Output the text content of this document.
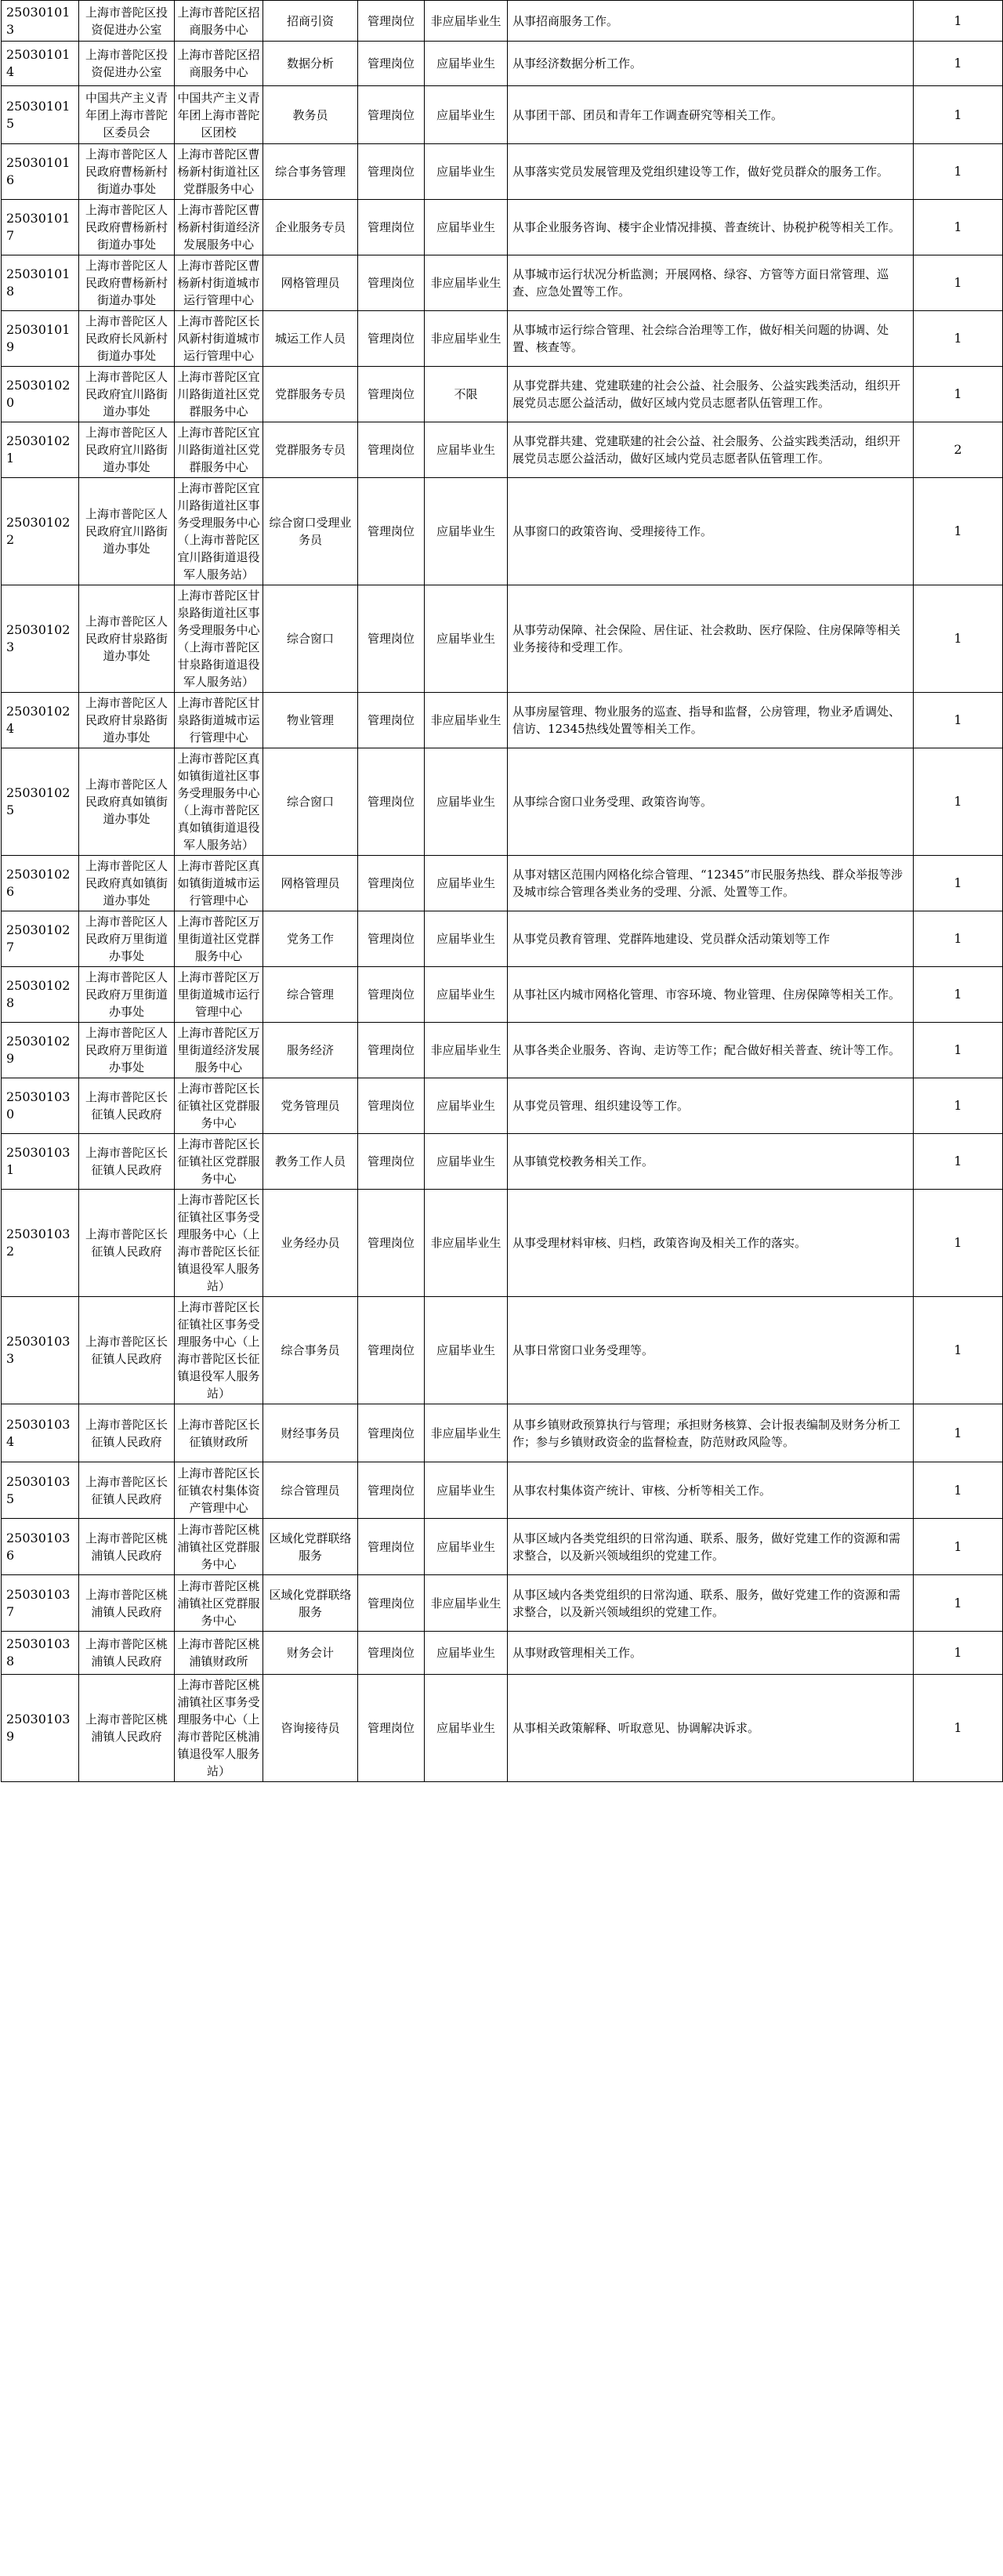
250301013	上海市普陀区投资促进办公室	上海市普陀区招商服务中心	招商引资	管理岗位	非应届毕业生	从事招商服务工作。	1
250301014	上海市普陀区投资促进办公室	上海市普陀区招商服务中心	数据分析	管理岗位	应届毕业生	从事经济数据分析工作。	1
250301015	中国共产主义青年团上海市普陀区委员会	中国共产主义青年团上海市普陀区团校	教务员	管理岗位	应届毕业生	从事团干部、团员和青年工作调查研究等相关工作。	1
250301016	上海市普陀区人民政府曹杨新村街道办事处	上海市普陀区曹杨新村街道社区党群服务中心	综合事务管理	管理岗位	应届毕业生	从事落实党员发展管理及党组织建设等工作，做好党员群众的服务工作。	1
250301017	上海市普陀区人民政府曹杨新村街道办事处	上海市普陀区曹杨新村街道经济发展服务中心	企业服务专员	管理岗位	应届毕业生	从事企业服务咨询、楼宇企业情况排摸、普查统计、协税护税等相关工作。	1
250301018	上海市普陀区人民政府曹杨新村街道办事处	上海市普陀区曹杨新村街道城市运行管理中心	网格管理员	管理岗位	非应届毕业生	从事城市运行状况分析监测；开展网格、绿容、方管等方面日常管理、巡查、应急处置等工作。	1
250301019	上海市普陀区人民政府长风新村街道办事处	上海市普陀区长风新村街道城市运行管理中心	城运工作人员	管理岗位	非应届毕业生	从事城市运行综合管理、社会综合治理等工作，做好相关问题的协调、处置、核查等。	1
250301020	上海市普陀区人民政府宜川路街道办事处	上海市普陀区宜川路街道社区党群服务中心	党群服务专员	管理岗位	不限	从事党群共建、党建联建的社会公益、社会服务、公益实践类活动，组织开展党员志愿公益活动，做好区域内党员志愿者队伍管理工作。	1
250301021	上海市普陀区人民政府宜川路街道办事处	上海市普陀区宜川路街道社区党群服务中心	党群服务专员	管理岗位	应届毕业生	从事党群共建、党建联建的社会公益、社会服务、公益实践类活动，组织开展党员志愿公益活动，做好区域内党员志愿者队伍管理工作。	2
250301022	上海市普陀区人民政府宜川路街道办事处	上海市普陀区宜川路街道社区事务受理服务中心（上海市普陀区宜川路街道退役军人服务站）	综合窗口受理业务员	管理岗位	应届毕业生	从事窗口的政策咨询、受理接待工作。	1
250301023	上海市普陀区人民政府甘泉路街道办事处	上海市普陀区甘泉路街道社区事务受理服务中心（上海市普陀区甘泉路街道退役军人服务站）	综合窗口	管理岗位	应届毕业生	从事劳动保障、社会保险、居住证、社会救助、医疗保险、住房保障等相关业务接待和受理工作。	1
250301024	上海市普陀区人民政府甘泉路街道办事处	上海市普陀区甘泉路街道城市运行管理中心	物业管理	管理岗位	非应届毕业生	从事房屋管理、物业服务的巡查、指导和监督，公房管理，物业矛盾调处、信访、12345热线处置等相关工作。	1
250301025	上海市普陀区人民政府真如镇街道办事处	上海市普陀区真如镇街道社区事务受理服务中心（上海市普陀区真如镇街道退役军人服务站）	综合窗口	管理岗位	应届毕业生	从事综合窗口业务受理、政策咨询等。	1
250301026	上海市普陀区人民政府真如镇街道办事处	上海市普陀区真如镇街道城市运行管理中心	网格管理员	管理岗位	应届毕业生	从事对辖区范围内网格化综合管理、“12345”市民服务热线、群众举报等涉及城市综合管理各类业务的受理、分派、处置等工作。	1
250301027	上海市普陀区人民政府万里街道办事处	上海市普陀区万里街道社区党群服务中心	党务工作	管理岗位	应届毕业生	从事党员教育管理、党群阵地建设、党员群众活动策划等工作	1
250301028	上海市普陀区人民政府万里街道办事处	上海市普陀区万里街道城市运行管理中心	综合管理	管理岗位	应届毕业生	从事社区内城市网格化管理、市容环境、物业管理、住房保障等相关工作。	1
250301029	上海市普陀区人民政府万里街道办事处	上海市普陀区万里街道经济发展服务中心	服务经济	管理岗位	非应届毕业生	从事各类企业服务、咨询、走访等工作；配合做好相关普查、统计等工作。	1
250301030	上海市普陀区长征镇人民政府	上海市普陀区长征镇社区党群服务中心	党务管理员	管理岗位	应届毕业生	从事党员管理、组织建设等工作。	1
250301031	上海市普陀区长征镇人民政府	上海市普陀区长征镇社区党群服务中心	教务工作人员	管理岗位	应届毕业生	从事镇党校教务相关工作。	1
250301032	上海市普陀区长征镇人民政府	上海市普陀区长征镇社区事务受理服务中心（上海市普陀区长征镇退役军人服务站）	业务经办员	管理岗位	非应届毕业生	从事受理材料审核、归档，政策咨询及相关工作的落实。	1
250301033	上海市普陀区长征镇人民政府	上海市普陀区长征镇社区事务受理服务中心（上海市普陀区长征镇退役军人服务站）	综合事务员	管理岗位	应届毕业生	从事日常窗口业务受理等。	1
250301034	上海市普陀区长征镇人民政府	上海市普陀区长征镇财政所	财经事务员	管理岗位	非应届毕业生	从事乡镇财政预算执行与管理；承担财务核算、会计报表编制及财务分析工作；参与乡镇财政资金的监督检查，防范财政风险等。	1
250301035	上海市普陀区长征镇人民政府	上海市普陀区长征镇农村集体资产管理中心	综合管理员	管理岗位	应届毕业生	从事农村集体资产统计、审核、分析等相关工作。	1
250301036	上海市普陀区桃浦镇人民政府	上海市普陀区桃浦镇社区党群服务中心	区域化党群联络服务	管理岗位	应届毕业生	从事区域内各类党组织的日常沟通、联系、服务，做好党建工作的资源和需求整合，以及新兴领域组织的党建工作。	1
250301037	上海市普陀区桃浦镇人民政府	上海市普陀区桃浦镇社区党群服务中心	区域化党群联络服务	管理岗位	非应届毕业生	从事区域内各类党组织的日常沟通、联系、服务，做好党建工作的资源和需求整合，以及新兴领域组织的党建工作。	1
250301038	上海市普陀区桃浦镇人民政府	上海市普陀区桃浦镇财政所	财务会计	管理岗位	应届毕业生	从事财政管理相关工作。	1
250301039	上海市普陀区桃浦镇人民政府	上海市普陀区桃浦镇社区事务受理服务中心（上海市普陀区桃浦镇退役军人服务站）	咨询接待员	管理岗位	应届毕业生	从事相关政策解释、听取意见、协调解决诉求。	1
